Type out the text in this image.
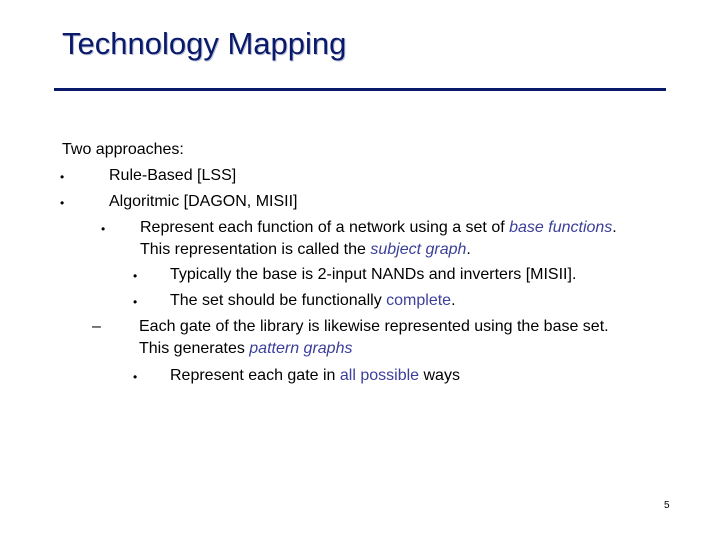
Technology Mapping
Two approaches:
•	Rule-Based [LSS]
•	Algoritmic [DAGON, MISII]
• Represent each function of a network using a set of base functions.
This representation is called the subject graph.
• Typically the base is 2-input NANDs and inverters [MISII].
• The set should be functionally complete.
– Each gate of the library is likewise represented using the base set.
This generates pattern graphs
• Represent each gate in all possible ways
5
